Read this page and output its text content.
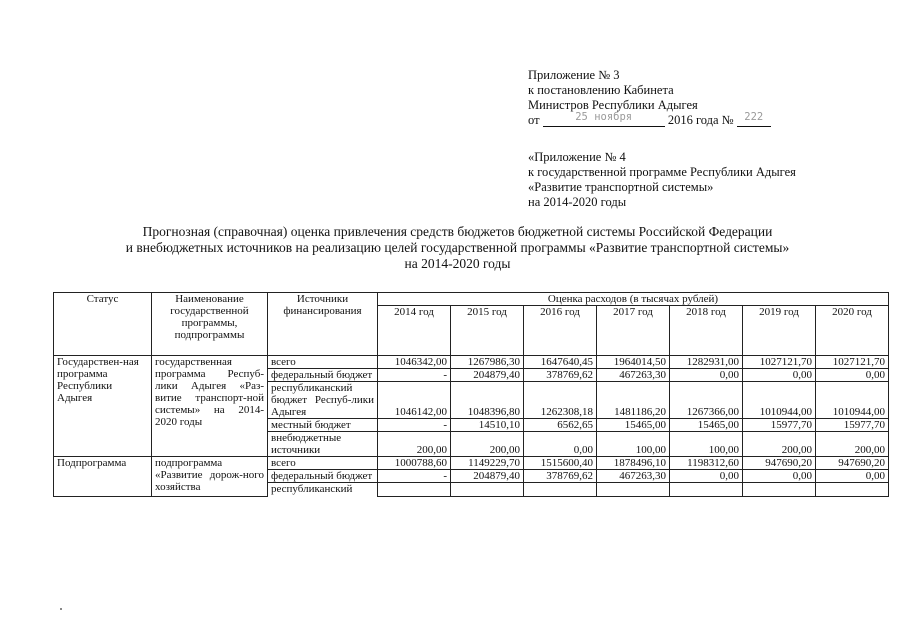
Приложение № 3
к постановлению Кабинета
Министров Республики Адыгея
от	$^{25 ноября}$	2016 года № $^{222}$
«Приложение № 4
к государственной программе Республики Адыгея
«Развитие транспортной системы»
на 2014-2020 годы
Прогнозная (справочная) оценка привлечения средств бюджетов бюджетной системы Российской Федерации
и внебюджетных источников на реализацию целей государственной программы «Развитие транспортной системы»
на 2014-2020 годы
Статус	Наименование государственной программы, подпрограммы	Источники финансирования	Оценка расходов (в тысячах рублей)						
			2014 год	2015 год	2016 год	2017 год	2018 год	2019 год	2020 год
Государствен-ная программа Республики Адыгея	государственная программа Респуб-лики Адыгея «Раз-витие транспорт-ной системы» на 2014-2020 годы	всего	1046342,00	1267986,30	1647640,45	1964014,50	1282931,00	1027121,70	1027121,70
		федеральный бюджет	-	204879,40	378769,62	467263,30	0,00	0,00	0,00
		республиканский бюджет Респуб-лики Адыгея	1046142,00	1048396,80	1262308,18	1481186,20	1267366,00	1010944,00	1010944,00
		местный бюджет	-	14510,10	6562,65	15465,00	15465,00	15977,70	15977,70
		внебюджетные источники	200,00	200,00	0,00	100,00	100,00	200,00	200,00
Подпрограмма	подпрограмма «Развитие дорож-ного хозяйства	всего	1000788,60	1149229,70	1515600,40	1878496,10	1198312,60	947690,20	947690,20
		федеральный бюджет	-	204879,40	378769,62	467263,30	0,00	0,00	0,00
		республиканский							
